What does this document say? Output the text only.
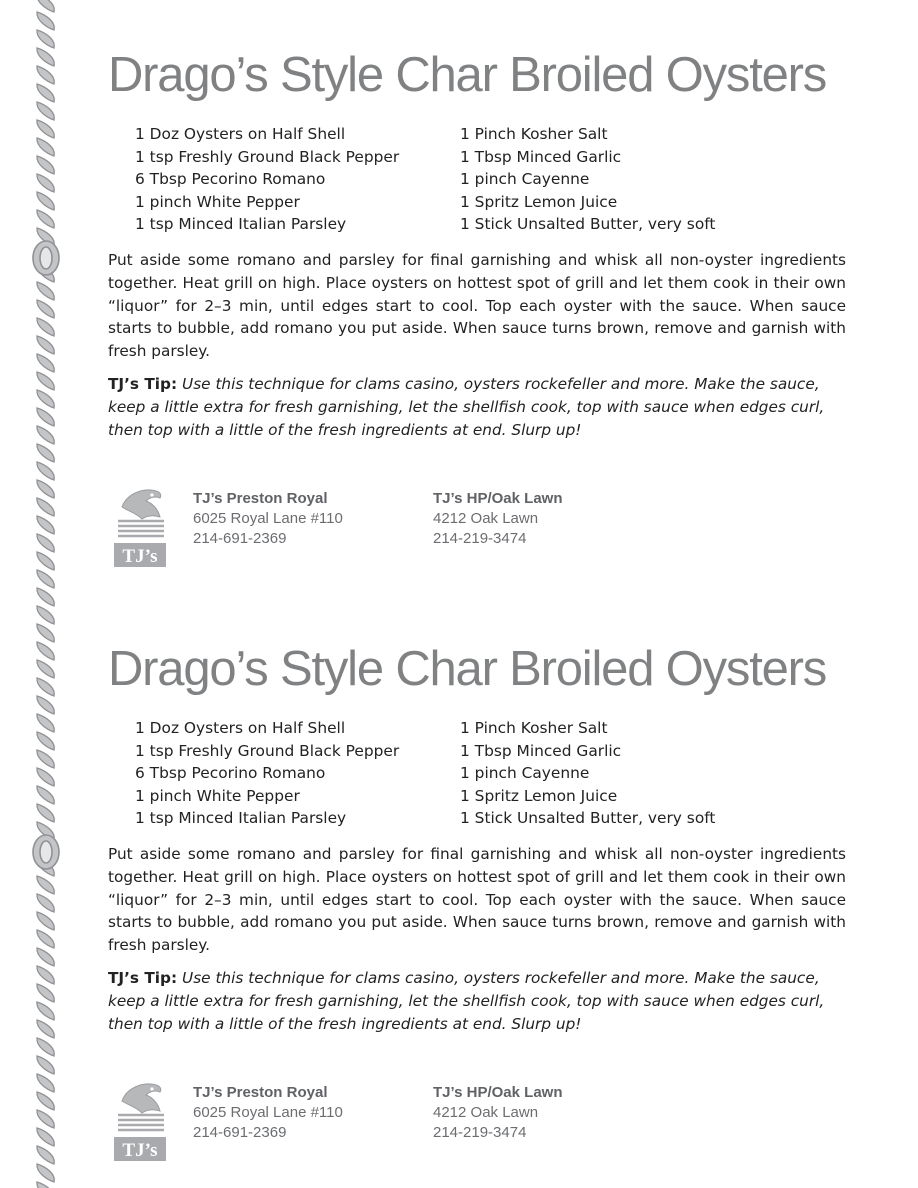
Drago’s Style Char Broiled Oysters
1 Doz Oysters on Half Shell
1 tsp Freshly Ground Black Pepper
6 Tbsp Pecorino Romano
1 pinch White Pepper
1 tsp Minced Italian Parsley
1 Pinch Kosher Salt
1 Tbsp Minced Garlic
1 pinch Cayenne
1 Spritz Lemon Juice
1 Stick Unsalted Butter, very soft

Put aside some romano and parsley for final garnishing and whisk all non-oyster ingredients together. Heat grill on high. Place oysters on hottest spot of grill and let them cook in their own “liquor” for 2–3 min, until edges start to cool. Top each oyster with the sauce. When sauce starts to bubble, add romano you put aside. When sauce turns brown, remove and garnish with fresh parsley.

TJ’s Tip: Use this technique for clams casino, oysters rockefeller and more. Make the sauce, keep a little extra for fresh garnishing, let the shellfish cook, top with sauce when edges curl, then top with a little of the fresh ingredients at end. Slurp up!

TJ’s
TJ’s Preston Royal
6025 Royal Lane #110
214-691-2369
TJ’s HP/Oak Lawn
4212 Oak Lawn
214-219-3474
Drago’s Style Char Broiled Oysters
1 Doz Oysters on Half Shell
1 tsp Freshly Ground Black Pepper
6 Tbsp Pecorino Romano
1 pinch White Pepper
1 tsp Minced Italian Parsley
1 Pinch Kosher Salt
1 Tbsp Minced Garlic
1 pinch Cayenne
1 Spritz Lemon Juice
1 Stick Unsalted Butter, very soft

Put aside some romano and parsley for final garnishing and whisk all non-oyster ingredients together. Heat grill on high. Place oysters on hottest spot of grill and let them cook in their own “liquor” for 2–3 min, until edges start to cool. Top each oyster with the sauce. When sauce starts to bubble, add romano you put aside. When sauce turns brown, remove and garnish with fresh parsley.

TJ’s Tip: Use this technique for clams casino, oysters rockefeller and more. Make the sauce, keep a little extra for fresh garnishing, let the shellfish cook, top with sauce when edges curl, then top with a little of the fresh ingredients at end. Slurp up!

TJ’s
TJ’s Preston Royal
6025 Royal Lane #110
214-691-2369
TJ’s HP/Oak Lawn
4212 Oak Lawn
214-219-3474
